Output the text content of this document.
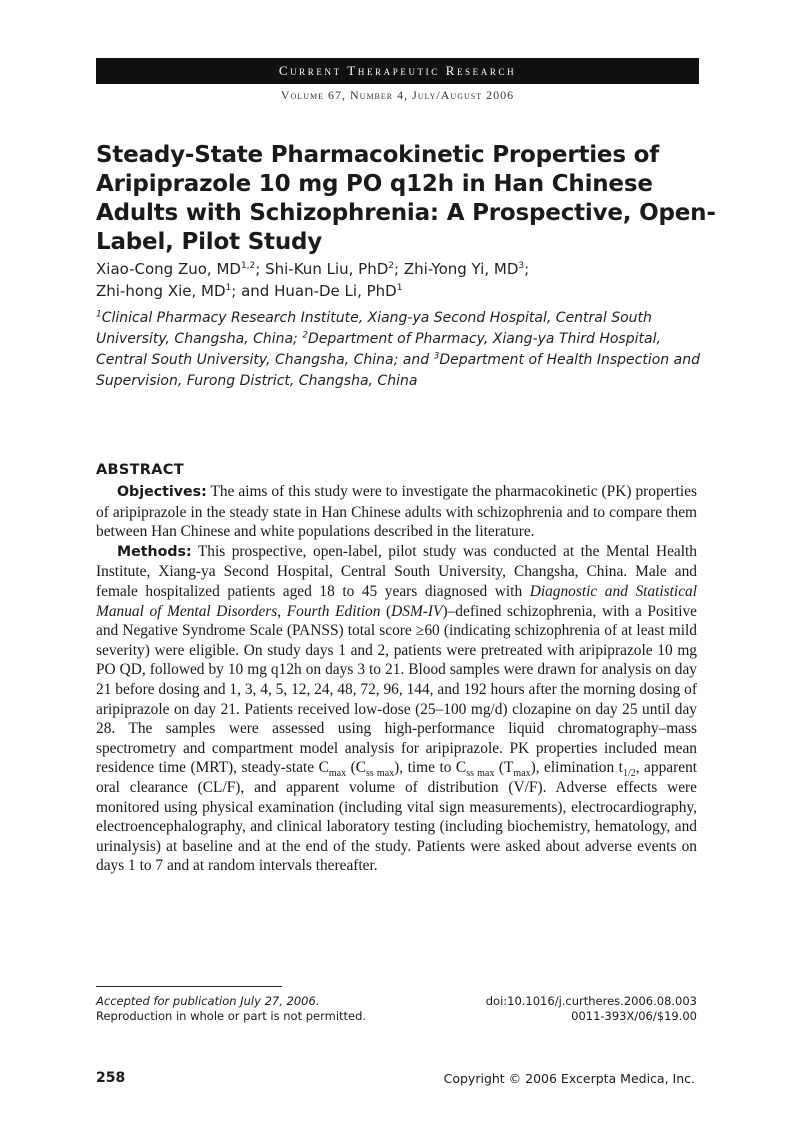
Current Therapeutic Research
Volume 67, Number 4, July/August 2006
Steady-State Pharmacokinetic Properties of Aripiprazole 10 mg PO q12h in Han Chinese Adults with Schizophrenia: A Prospective, Open-Label, Pilot Study
Xiao-Cong Zuo, MD$^{1,2}$; Shi-Kun Liu, PhD$^2$; Zhi-Yong Yi, $MD^3$;
Zhi-hong Xie, $MD^1$; and Huan-De Li, PhD$^1$
$^1$Clinical Pharmacy Research Institute, Xiang-ya Second Hospital, Central South University, Changsha, China; $^2$Department of Pharmacy, Xiang-ya Third Hospital, Central South University, Changsha, China; and $^3$Department of Health Inspection and Supervision, Furong District, Changsha, China
ABSTRACT

Objectives: The aims of this study were to investigate the pharmacokinetic (PK) properties of aripiprazole in the steady state in Han Chinese adults with schizophrenia and to compare them between Han Chinese and white populations described in the literature.

Methods: This prospective, open-label, pilot study was conducted at the Mental Health Institute, Xiang-ya Second Hospital, Central South University, Changsha, China. Male and female hospitalized patients aged 18 to 45 years diagnosed with Diagnostic and Statistical Manual of Mental Disorders, Fourth Edition (DSM-IV)–defined schizophrenia, with a Positive and Negative Syndrome Scale (PANSS) total score ≥60 (indicating schizophrenia of at least mild severity) were eligible. On study days 1 and 2, patients were pretreated with aripiprazole 10 mg PO QD, followed by 10 mg q12h on days 3 to 21. Blood samples were drawn for analysis on day 21 before dosing and 1, 3, 4, 5, 12, 24, 48, 72, 96, 144, and 192 hours after the morning dosing of aripiprazole on day 21. Patients received low-dose (25–100 mg/d) clozapine on day 25 until day 28. The samples were assessed using high-performance liquid chromatography–mass spectrometry and compartment model analysis for aripiprazole. PK properties included mean residence time (MRT), steady-state $C_{max}$ $(C_{ss max})$, time to $C_{ss max}$ $(T_{max})$, elimination $t_{1/2}$, apparent oral clearance (CL/F), and apparent volume of distribution (V/F). Adverse effects were monitored using physical examination (including vital sign measurements), electrocardiography, electroencephalography, and clinical laboratory testing (including biochemistry, hematology, and urinalysis) at baseline and at the end of the study. Patients were asked about adverse events on days 1 to 7 and at random intervals thereafter.

Accepted for publication July 27, 2006.
Reproduction in whole or part is not permitted.
doi:10.1016/j.curtheres.2006.08.003
0011-393X/06/$19.00
258	Copyright © 2006 Excerpta Medica, Inc.
